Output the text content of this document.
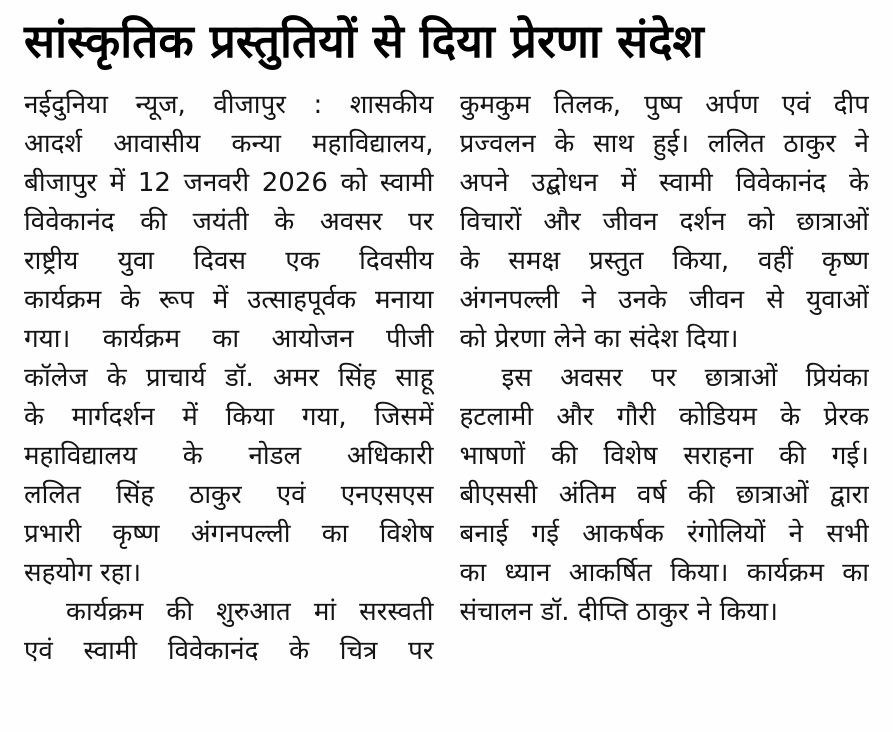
सांस्कृतिक प्रस्तुतियों से दिया प्रेरणा संदेश
नईदुनिया न्यूज, वीजापुर : शासकीय
आदर्श आवासीय कन्या महाविद्यालय,
बीजापुर में 12 जनवरी 2026 को स्वामी
विवेकानंद की जयंती के अवसर पर
राष्ट्रीय युवा दिवस एक दिवसीय
कार्यक्रम के रूप में उत्साहपूर्वक मनाया
गया। कार्यक्रम का आयोजन पीजी
कॉलेज के प्राचार्य डॉ. अमर सिंह साहू
के मार्गदर्शन में किया गया, जिसमें
महाविद्यालय के नोडल अधिकारी
ललित सिंह ठाकुर एवं एनएसएस
प्रभारी कृष्ण अंगनपल्ली का विशेष
सहयोग रहा।
कार्यक्रम की शुरुआत मां सरस्वती
एवं स्वामी विवेकानंद के चित्र पर
कुमकुम तिलक, पुष्प अर्पण एवं दीप
प्रज्वलन के साथ हुई। ललित ठाकुर ने
अपने उद्बोधन में स्वामी विवेकानंद के
विचारों और जीवन दर्शन को छात्राओं
के समक्ष प्रस्तुत किया, वहीं कृष्ण
अंगनपल्ली ने उनके जीवन से युवाओं
को प्रेरणा लेने का संदेश दिया।
इस अवसर पर छात्राओं प्रियंका
हटलामी और गौरी कोडियम के प्रेरक
भाषणों की विशेष सराहना की गई।
बीएससी अंतिम वर्ष की छात्राओं द्वारा
बनाई गई आकर्षक रंगोलियों ने सभी
का ध्यान आकर्षित किया। कार्यक्रम का
संचालन डॉ. दीप्ति ठाकुर ने किया।
